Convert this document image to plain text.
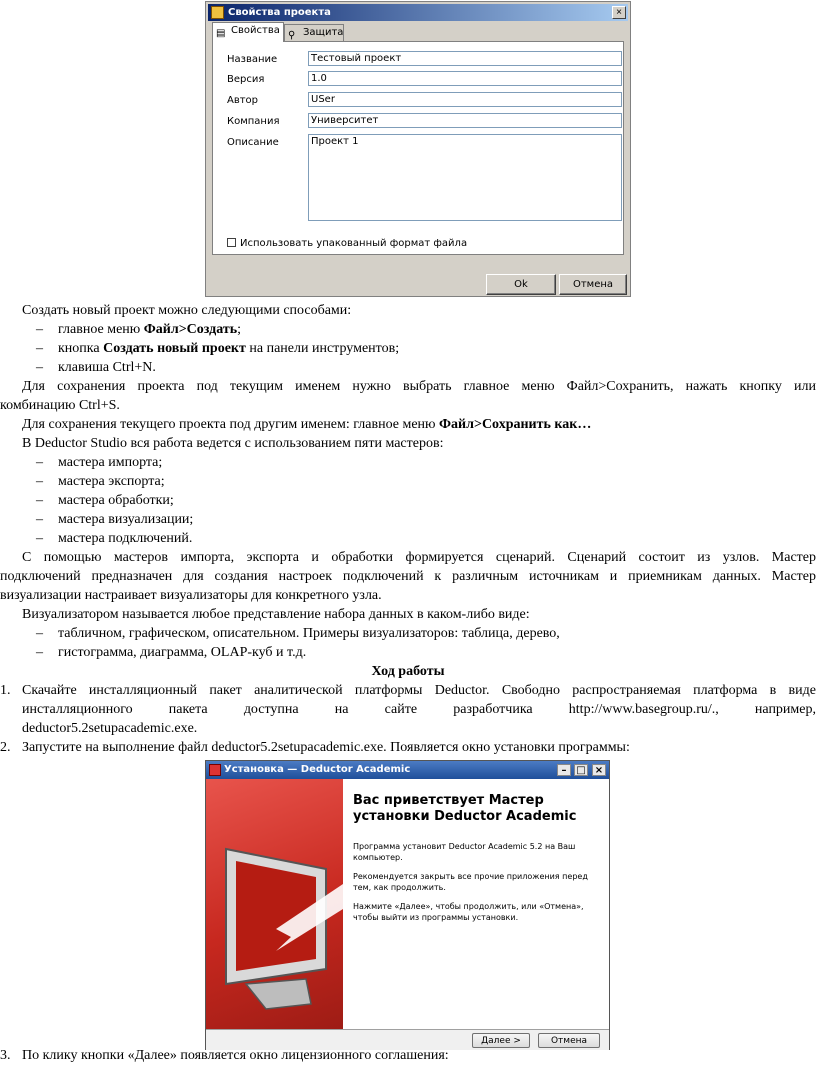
Свойства проекта	×
▤ Свойства ⚲ Защита
Название	Тестовый проект
Версия	1.0
Автор	USer
Компания	Университет
Описание	Проект 1
Использовать упакованный формат файла
Ok	Отмена
Создать новый проект можно следующими способами:
– главное меню Файл>Создать;
– кнопка Создать новый проект на панели инструментов;
– клавиша Ctrl+N.
Для сохранения проекта под текущим именем нужно выбрать главное меню Файл>Сохранить, нажать кнопку или
комбинацию Ctrl+S.
Для сохранения текущего проекта под другим именем: главное меню Файл>Сохранить как…
В Deductor Studio вся работа ведется с использованием пяти мастеров:
– мастера импорта;
– мастера экспорта;
– мастера обработки;
– мастера визуализации;
– мастера подключений.
С помощью мастеров импорта, экспорта и обработки формируется сценарий. Сценарий состоит из узлов. Мастер
подключений предназначен для создания настроек подключений к различным источникам и приемникам данных. Мастер
визуализации настраивает визуализаторы для конкретного узла.
Визуализатором называется любое представление набора данных в каком-либо виде:
– табличном, графическом, описательном. Примеры визуализаторов: таблица, дерево,
– гистограмма, диаграмма, OLAP-куб и т.д.
Ход работы
1. Скачайте инсталляционный пакет аналитической платформы Deductor. Свободно распространяемая платформа в виде
инсталляционного пакета доступна на сайте разработчика http://www.basegroup.ru/., например,
deductor5.2setupacademic.exe.
2. Запустите на выполнение файл deductor5.2setupacademic.exe. Появляется окно установки программы:
Установка — Deductor Academic	– □ ×
Вас приветствует Мастер установки Deductor Academic
Программа установит Deductor Academic 5.2 на Ваш компьютер.
Рекомендуется закрыть все прочие приложения перед тем, как продолжить.
Нажмите «Далее», чтобы продолжить, или «Отмена», чтобы выйти из программы установки.
Далее >	Отмена
3. По клику кнопки «Далее» появляется окно лицензионного соглашения:
